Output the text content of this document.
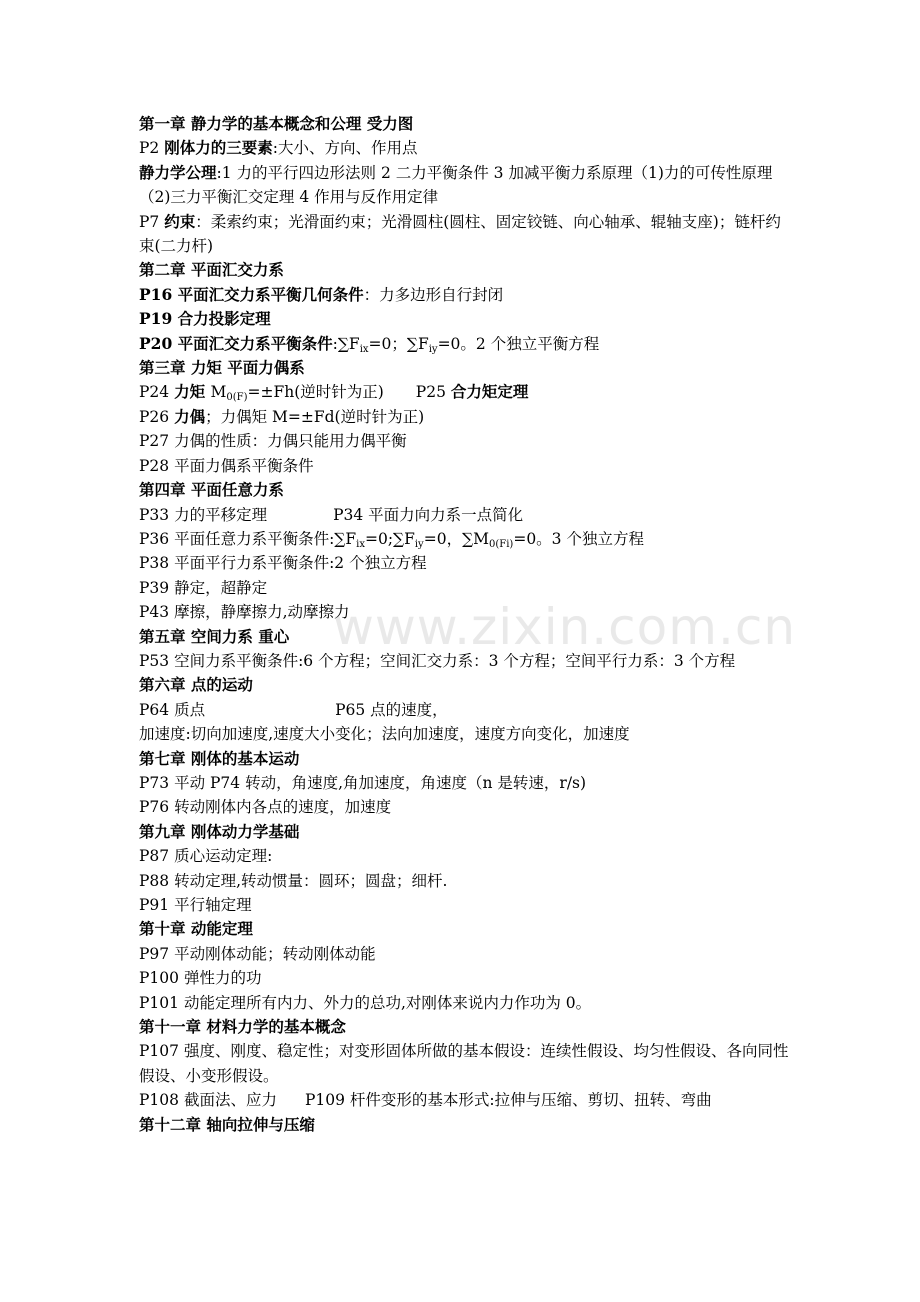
www.zixin.com.cn
第一章 静力学的基本概念和公理 受力图
P2 刚体力的三要素:大小、方向、作用点
静力学公理:1 力的平行四边形法则 2 二力平衡条件 3 加减平衡力系原理（1)力的可传性原理（2)三力平衡汇交定理 4 作用与反作用定律
P7 约束：柔索约束；光滑面约束；光滑圆柱(圆柱、固定铰链、向心轴承、辊轴支座)；链杆约束(二力杆)
第二章 平面汇交力系
P16 平面汇交力系平衡几何条件：力多边形自行封闭
P19 合力投影定理
P20 平面汇交力系平衡条件$:\sum F_{ix}=0$；$\sum F_{iy}=0$。2 个独立平衡方程
第三章 力矩 平面力偶系
P24 力矩 $M_{0(F)}=\pm Fh$(逆时针为正) P25 合力矩定理
P26 力偶；力偶矩 M=±Fd(逆时针为正)
P27 力偶的性质：力偶只能用力偶平衡
P28 平面力偶系平衡条件
第四章 平面任意力系
P33 力的平移定理	P34 平面力向力系一点简化
P36 平面任意力系平衡条件$:\sum F_{ix}=0;\sum F_{iy}=0$，$\sum M_{0(Fi)}=0$。3 个独立方程
P38 平面平行力系平衡条件:2 个独立方程
P39 静定，超静定
P43 摩擦，静摩擦力,动摩擦力
第五章 空间力系 重心
P53 空间力系平衡条件:6 个方程；空间汇交力系：3 个方程；空间平行力系：3 个方程
第六章 点的运动
P64 质点	P65 点的速度，
加速度:切向加速度,速度大小变化；法向加速度，速度方向变化，加速度
第七章 刚体的基本运动
P73 平动 P74 转动，角速度,角加速度，角速度（n 是转速，r/s)
P76 转动刚体内各点的速度，加速度
第九章 刚体动力学基础
P87 质心运动定理:
P88 转动定理,转动惯量：圆环；圆盘；细杆.
P91 平行轴定理
第十章 动能定理
P97 平动刚体动能；转动刚体动能
P100 弹性力的功
P101 动能定理所有内力、外力的总功,对刚体来说内力作功为 0。
第十一章 材料力学的基本概念
P107 强度、刚度、稳定性；对变形固体所做的基本假设：连续性假设、均匀性假设、各向同性假设、小变形假设。
P108 截面法、应力 P109 杆件变形的基本形式:拉伸与压缩、剪切、扭转、弯曲
第十二章 轴向拉伸与压缩
